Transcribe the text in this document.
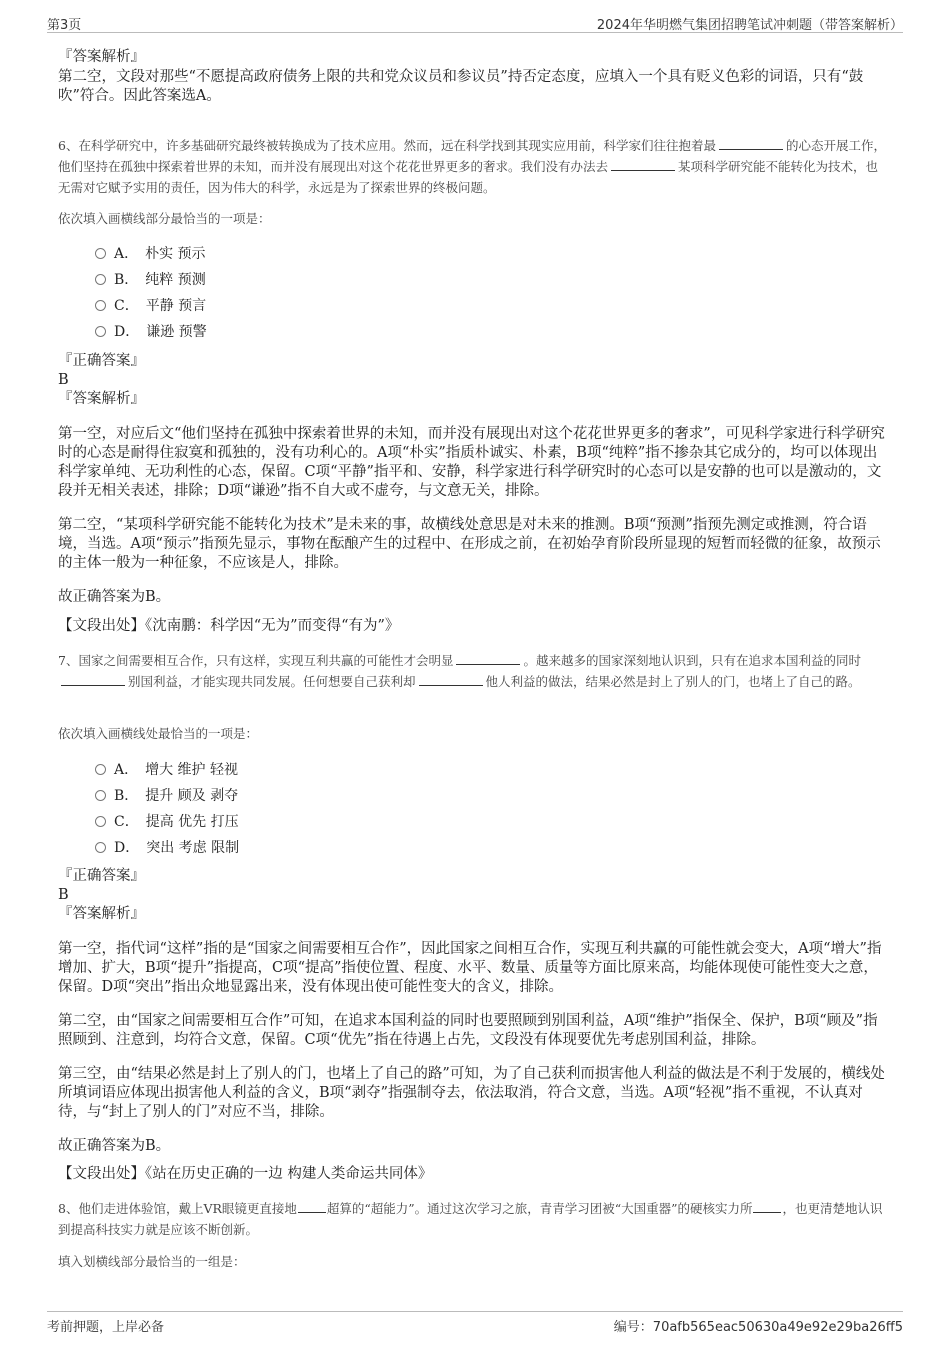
第3页	2024年华明燃气集团招聘笔试冲刺题（带答案解析）

『答案解析』

第二空，文段对那些“不愿提高政府债务上限的共和党众议员和参议员”持否定态度，应填入一个具有贬义色彩的词语，只有“鼓吹”符合。因此答案选A。

6、在科学研究中，许多基础研究最终被转换成为了技术应用。然而，远在科学找到其现实应用前，科学家们往往抱着最	的心态开展工作，他们坚持在孤独中探索着世界的未知，而并没有展现出对这个花花世界更多的奢求。我们没有办法去	某项科学研究能不能转化为技术，也无需对它赋予实用的责任，因为伟大的科学，永远是为了探索世界的终极问题。

依次填入画横线部分最恰当的一项是：
A．　朴实 预示
B．　纯粹 预测
C．　平静 预言
D．　谦逊 预警

『正确答案』

B

『答案解析』

第一空，对应后文“他们坚持在孤独中探索着世界的未知，而并没有展现出对这个花花世界更多的奢求”，可见科学家进行科学研究时的心态是耐得住寂寞和孤独的，没有功利心的。A项“朴实”指质朴诚实、朴素，B项“纯粹”指不掺杂其它成分的，均可以体现出科学家单纯、无功利性的心态，保留。C项“平静”指平和、安静，科学家进行科学研究时的心态可以是安静的也可以是激动的，文段并无相关表述，排除；D项“谦逊”指不自大或不虚夸，与文意无关，排除。

第二空，“某项科学研究能不能转化为技术”是未来的事，故横线处意思是对未来的推测。B项“预测”指预先测定或推测，符合语境，当选。A项“预示”指预先显示，事物在酝酿产生的过程中、在形成之前，在初始孕育阶段所显现的短暂而轻微的征象，故预示的主体一般为一种征象，不应该是人，排除。

故正确答案为B。

【文段出处】《沈南鹏：科学因“无为”而变得“有为”》

7、国家之间需要相互合作，只有这样，实现互利共赢的可能性才会明显	。越来越多的国家深刻地认识到，只有在追求本国利益的同时别国利益，才能实现共同发展。任何想要自己获利却	他人利益的做法，结果必然是封上了别人的门，也堵上了自己的路。

依次填入画横线处最恰当的一项是：
A．　增大 维护 轻视
B．　提升 顾及 剥夺
C．　提高 优先 打压
D．　突出 考虑 限制

『正确答案』

B

『答案解析』

第一空，指代词“这样”指的是“国家之间需要相互合作”，因此国家之间相互合作，实现互利共赢的可能性就会变大，A项“增大”指增加、扩大，B项“提升”指提高，C项“提高”指使位置、程度、水平、数量、质量等方面比原来高，均能体现使可能性变大之意，保留。D项“突出”指出众地显露出来，没有体现出使可能性变大的含义，排除。

第二空，由“国家之间需要相互合作”可知，在追求本国利益的同时也要照顾到别国利益，A项“维护”指保全、保护，B项“顾及”指照顾到、注意到，均符合文意，保留。C项“优先”指在待遇上占先，文段没有体现要优先考虑别国利益，排除。

第三空，由“结果必然是封上了别人的门，也堵上了自己的路”可知，为了自己获利而损害他人利益的做法是不利于发展的，横线处所填词语应体现出损害他人利益的含义，B项“剥夺”指强制夺去，依法取消，符合文意，当选。A项“轻视”指不重视，不认真对待，与“封上了别人的门”对应不当，排除。

故正确答案为B。

【文段出处】《站在历史正确的一边 构建人类命运共同体》

8、他们走进体验馆，戴上VR眼镜更直接地 超算的“超能力”。通过这次学习之旅，青青学习团被“大国重器”的硬核实力所 ，也更清楚地认识到提高科技实力就是应该不断创新。

填入划横线部分最恰当的一组是：
考前押题，上岸必备	编号：70afb565eac50630a49e92e29ba26ff5
